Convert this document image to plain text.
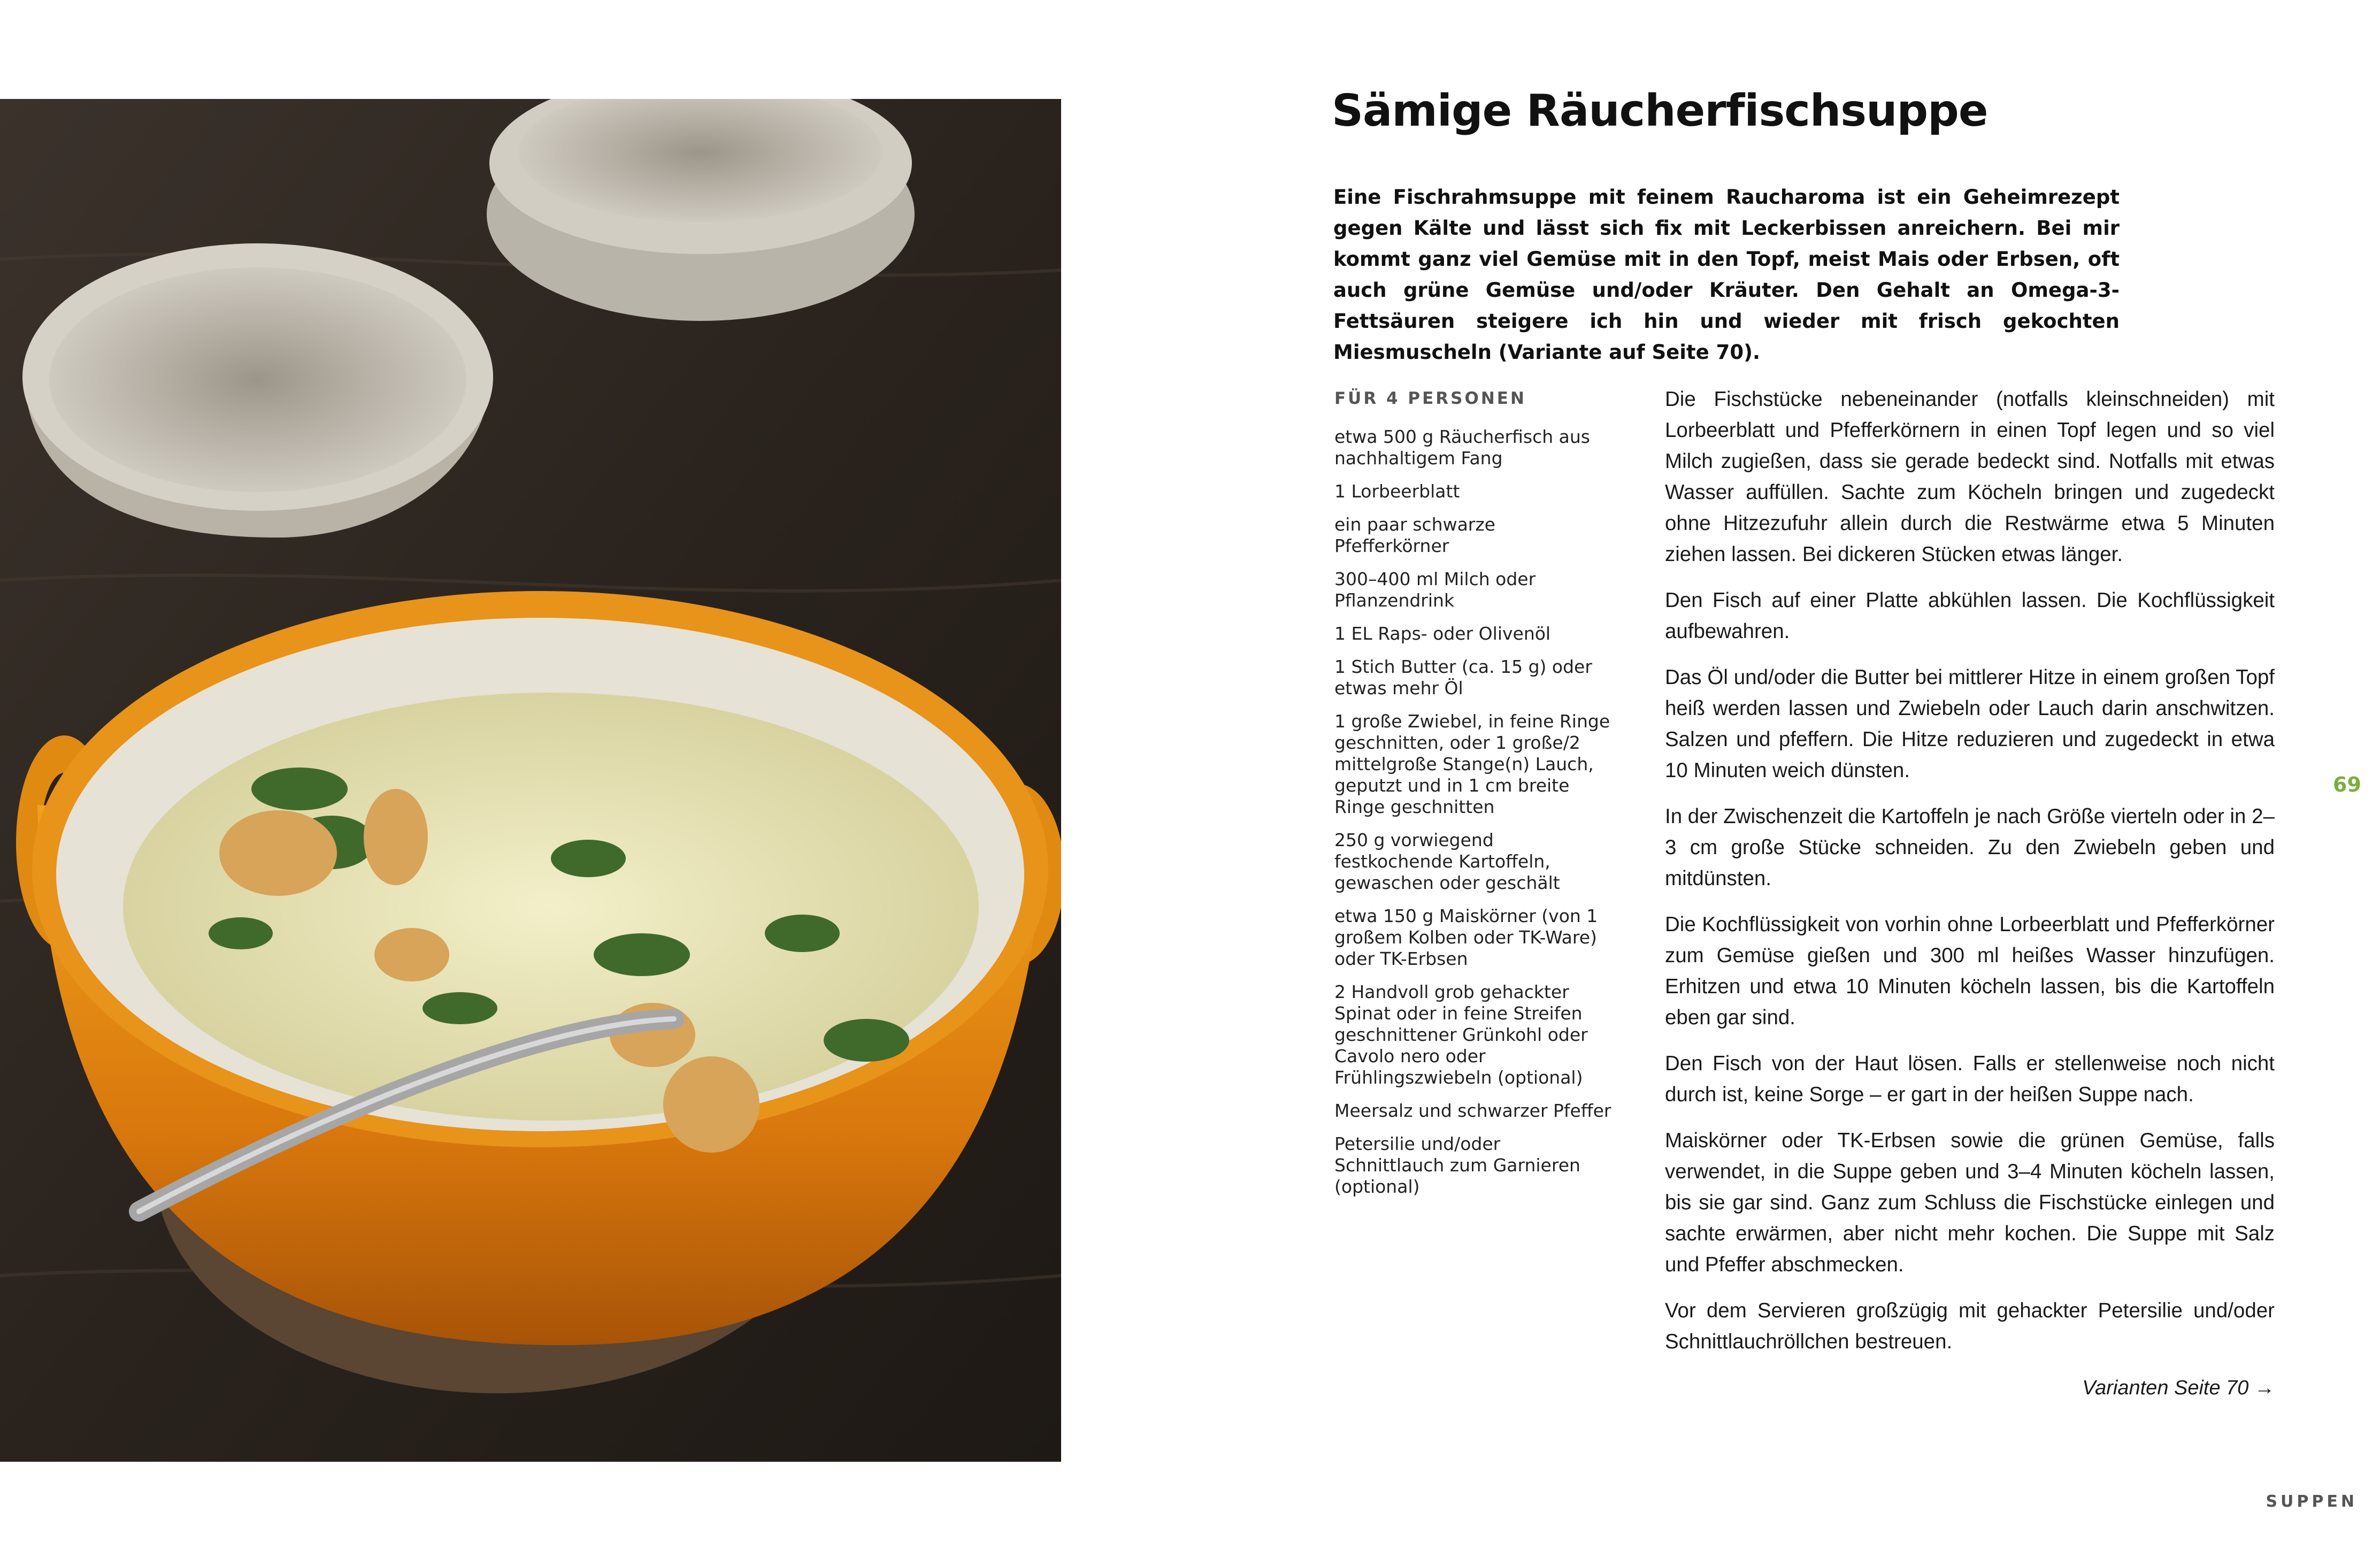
Sämige Räucherfischsuppe

Eine Fischrahmsuppe mit feinem Raucharoma ist ein Geheimrezept gegen Kälte und lässt sich fix mit Leckerbissen anreichern. Bei mir kommt ganz viel Gemüse mit in den Topf, meist Mais oder Erbsen, oft auch grüne Gemüse und/oder Kräuter. Den Gehalt an Omega-3-Fettsäuren steigere ich hin und wieder mit frisch gekochten Miesmuscheln (Variante auf Seite 70).

FÜR 4 PERSONEN
etwa 500 g Räucherfisch aus nachhaltigem Fang
1 Lorbeerblatt
ein paar schwarze Pfefferkörner
300–400 ml Milch oder Pflanzendrink
1 EL Raps- oder Olivenöl
1 Stich Butter (ca. 15 g) oder etwas mehr Öl
1 große Zwiebel, in feine Ringe geschnitten, oder 1 große/2 mittelgroße Stange(n) Lauch, geputzt und in 1 cm breite Ringe geschnitten
250 g vorwiegend festkochende Kartoffeln, gewaschen oder geschält
etwa 150 g Maiskörner (von 1 großem Kolben oder TK-Ware) oder TK-Erbsen
2 Handvoll grob gehackter Spinat oder in feine Streifen geschnittener Grünkohl oder Cavolo nero oder Frühlingszwiebeln (optional)
Meersalz und schwarzer Pfeffer
Petersilie und/oder Schnittlauch zum Garnieren (optional)

Die Fischstücke nebeneinander (notfalls kleinschneiden) mit Lorbeerblatt und Pfefferkörnern in einen Topf legen und so viel Milch zugießen, dass sie gerade bedeckt sind. Notfalls mit etwas Wasser auffüllen. Sachte zum Köcheln bringen und zugedeckt ohne Hitzezufuhr allein durch die Restwärme etwa 5 Minuten ziehen lassen. Bei dickeren Stücken etwas länger.

Den Fisch auf einer Platte abkühlen lassen. Die Kochflüssigkeit aufbewahren.

Das Öl und/oder die Butter bei mittlerer Hitze in einem großen Topf heiß werden lassen und Zwiebeln oder Lauch darin anschwitzen. Salzen und pfeffern. Die Hitze reduzieren und zugedeckt in etwa 10 Minuten weich dünsten.

In der Zwischenzeit die Kartoffeln je nach Größe vierteln oder in 2–3 cm große Stücke schneiden. Zu den Zwiebeln geben und mitdünsten.

Die Kochflüssigkeit von vorhin ohne Lorbeerblatt und Pfefferkörner zum Gemüse gießen und 300 ml heißes Wasser hinzufügen. Erhitzen und etwa 10 Minuten köcheln lassen, bis die Kartoffeln eben gar sind.

Den Fisch von der Haut lösen. Falls er stellenweise noch nicht durch ist, keine Sorge – er gart in der heißen Suppe nach.

Maiskörner oder TK-Erbsen sowie die grünen Gemüse, falls verwendet, in die Suppe geben und 3–4 Minuten köcheln lassen, bis sie gar sind. Ganz zum Schluss die Fischstücke einlegen und sachte erwärmen, aber nicht mehr kochen. Die Suppe mit Salz und Pfeffer abschmecken.

Vor dem Servieren großzügig mit gehackter Petersilie und/oder Schnittlauchröllchen bestreuen.

Varianten Seite 70 →
69
SUPPEN
